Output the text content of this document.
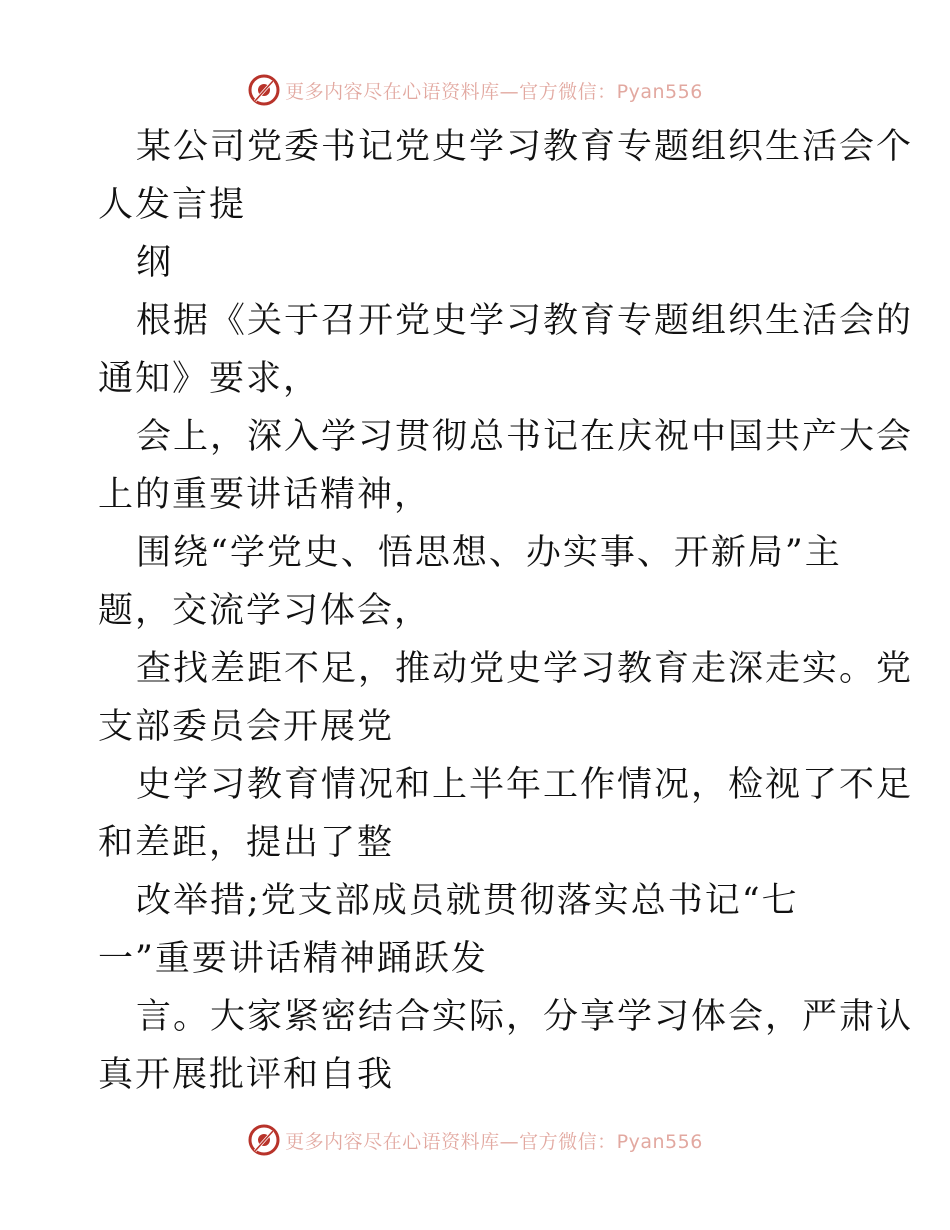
更多内容尽在心语资料库—官方微信：Pyan556
某公司党委书记党史学习教育专题组织生活会个
人发言提
纲
根据《关于召开党史学习教育专题组织生活会的
通知》要求，
会上，深入学习贯彻总书记在庆祝中国共产大会
上的重要讲话精神，
围绕“学党史、悟思想、办实事、开新局”主
题，交流学习体会，
查找差距不足，推动党史学习教育走深走实。党
支部委员会开展党
史学习教育情况和上半年工作情况，检视了不足
和差距，提出了整
改举措;党支部成员就贯彻落实总书记“七
一”重要讲话精神踊跃发
言。大家紧密结合实际，分享学习体会，严肃认
真开展批评和自我
更多内容尽在心语资料库—官方微信：Pyan556
